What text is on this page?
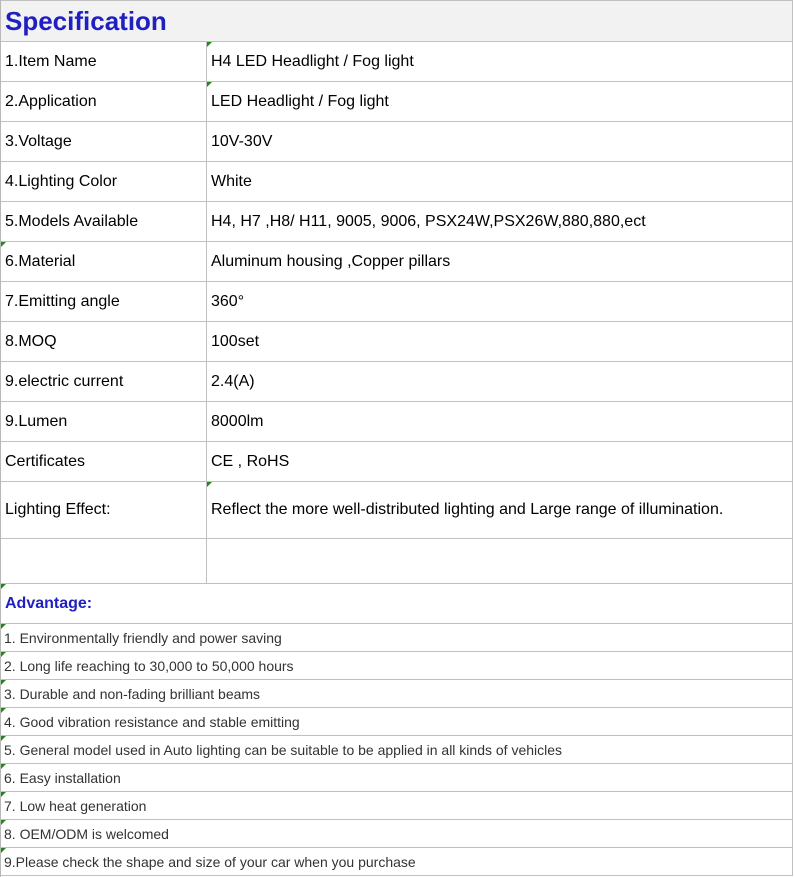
Specification
1.Item Name	H4 LED Headlight / Fog light
2.Application	LED Headlight / Fog light
3.Voltage	10V-30V
4.Lighting Color	White
5.Models Available	H4, H7 ,H8/ H11, 9005, 9006, PSX24W,PSX26W,880,880,ect
6.Material	Aluminum housing ,Copper pillars
7.Emitting angle	360°
8.MOQ	100set
9.electric current	2.4(A)
9.Lumen	8000lm
Certificates	CE , RoHS
Lighting Effect:	Reflect the more well-distributed lighting and Large range of illumination.
Advantage:
1. Environmentally friendly and power saving
2. Long life reaching to 30,000 to 50,000 hours
3. Durable and non-fading brilliant beams
4. Good vibration resistance and stable emitting
5. General model used in Auto lighting can be suitable to be applied in all kinds of vehicles
6. Easy installation
7. Low heat generation
8. OEM/ODM is welcomed
9.Please check the shape and size of your car when you purchase
